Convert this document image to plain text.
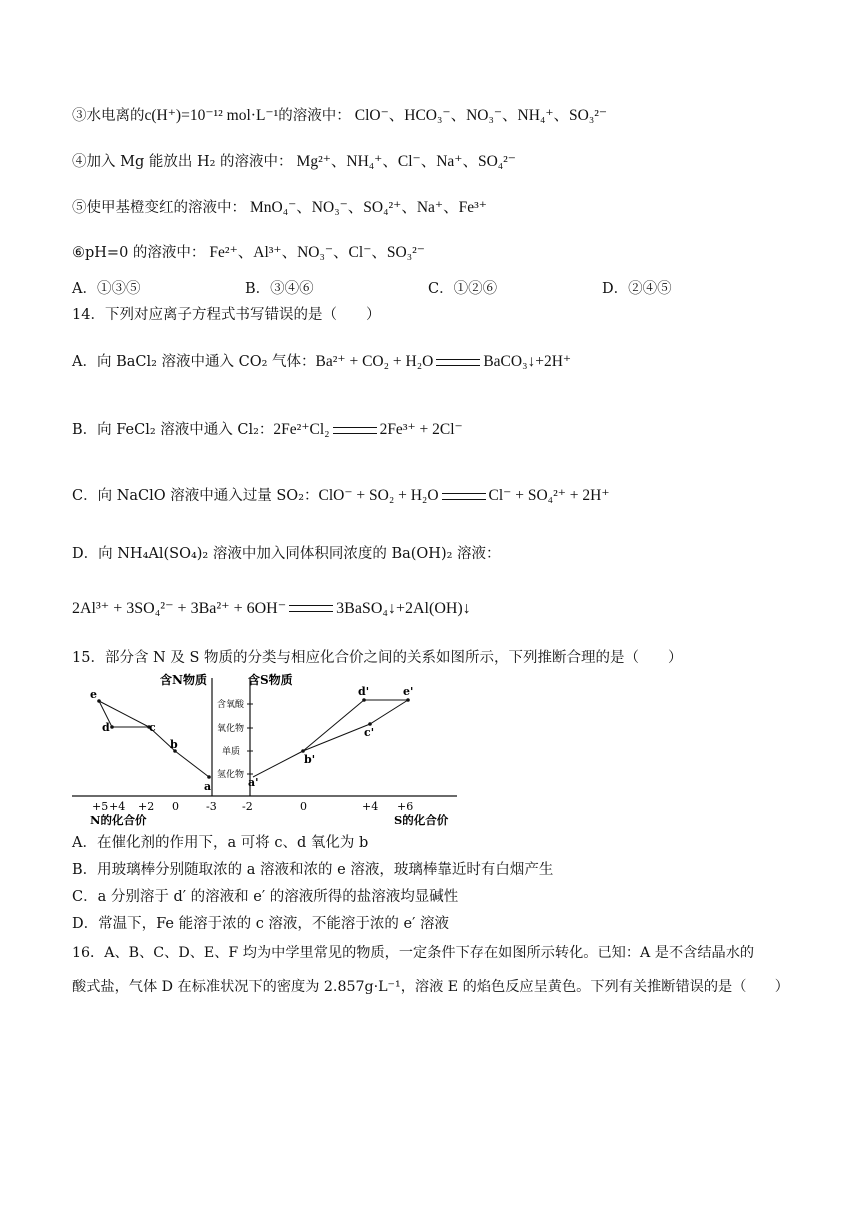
③水电离的c(H⁺)=10⁻¹² mol·L⁻¹的溶液中： ClO⁻、HCO₃⁻、NO₃⁻、NH₄⁺、SO₃²⁻
④加入 Mg 能放出 H₂ 的溶液中： Mg²⁺、NH₄⁺、Cl⁻、Na⁺、SO₄²⁻
⑤使甲基橙变红的溶液中： MnO₄⁻、NO₃⁻、SO₄²⁺、Na⁺、Fe³⁺
⑥pH=0 的溶液中： Fe²⁺、Al³⁺、NO₃⁻、Cl⁻、SO₃²⁻
A．①③⑤	B．③④⑥	C．①②⑥	D．②④⑤
14．下列对应离子方程式书写错误的是（　　）
A．向 BaCl₂ 溶液中通入 CO₂ 气体：Ba²⁺ + CO₂ + H₂O	BaCO₃↓+2H⁺
B．向 FeCl₂ 溶液中通入 Cl₂：2Fe²⁺Cl₂	2Fe³⁺ + 2Cl⁻
C．向 NaClO 溶液中通入过量 SO₂：ClO⁻ + SO₂ + H₂O	Cl⁻ + SO₄²⁺ + 2H⁺
D．向 NH₄Al(SO₄)₂ 溶液中加入同体积同浓度的 Ba(OH)₂ 溶液：
2Al³⁺ + 3SO₄²⁻ + 3Ba²⁺ + 6OH⁻	3BaSO₄↓+2Al(OH)↓
15．部分含 N 及 S 物质的分类与相应化合价之间的关系如图所示，下列推断合理的是（　　）
含N物质	含S物质
含氧酸
氧化物
单质
氢化物
e
d	c
b
a	a'
b'
c'
d'	e'
+5 +4 +2 0 -3 -2	0	+4 +6
N的化合价	S的化合价
A．在催化剂的作用下，a 可将 c、d 氧化为 b
B．用玻璃棒分别随取浓的 a 溶液和浓的 e 溶液，玻璃棒靠近时有白烟产生
C．a 分别溶于 d′ 的溶液和 e′ 的溶液所得的盐溶液均显碱性
D．常温下，Fe 能溶于浓的 c 溶液，不能溶于浓的 e′ 溶液
16．A、B、C、D、E、F 均为中学里常见的物质，一定条件下存在如图所示转化。已知：A 是不含结晶水的
酸式盐，气体 D 在标准状况下的密度为 2.857g·L⁻¹，溶液 E 的焰色反应呈黄色。下列有关推断错误的是（　　）
